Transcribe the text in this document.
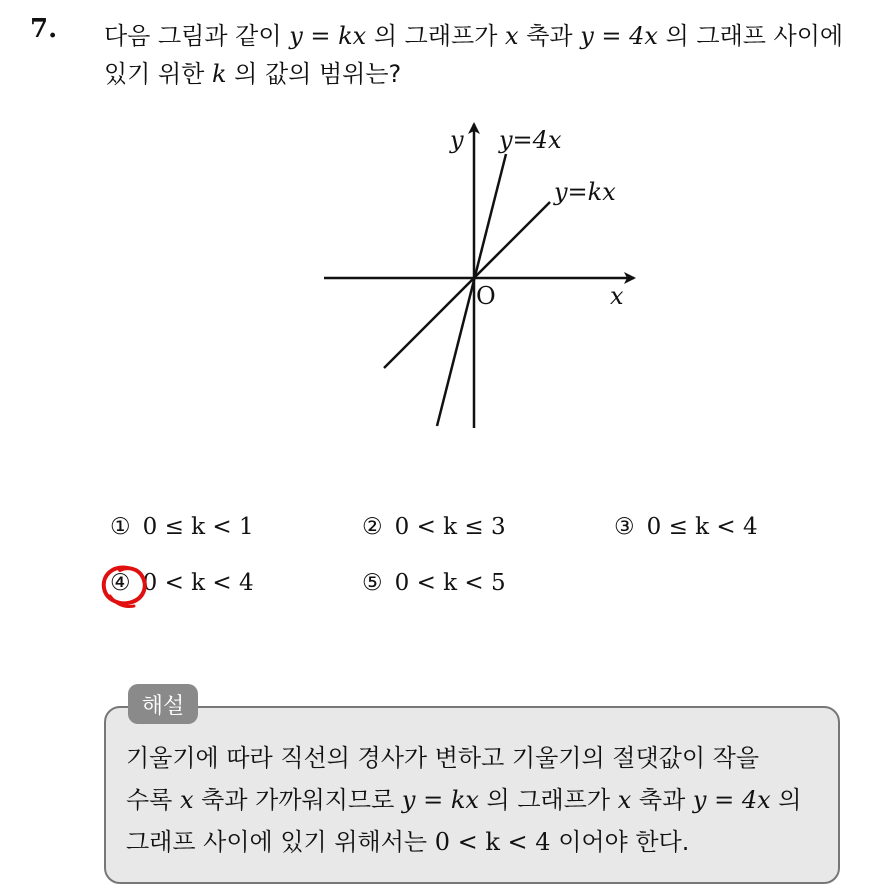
7. 다음 그림과 같이 y = kx 의 그래프가 x 축과 y = 4x 의 그래프 사이에
있기 위한 k 의 값의 범위는?
y y=4x
y=kx
O	x
① 0 ≤ k < 1	② 0 < k ≤ 3	③ 0 ≤ k < 4
④ 0 < k < 4	⑤ 0 < k < 5
해설
기울기에 따라 직선의 경사가 변하고 기울기의 절댓값이 작을
수록 x 축과 가까워지므로 y = kx 의 그래프가 x 축과 y = 4x 의
그래프 사이에 있기 위해서는 0 < k < 4 이어야 한다.
